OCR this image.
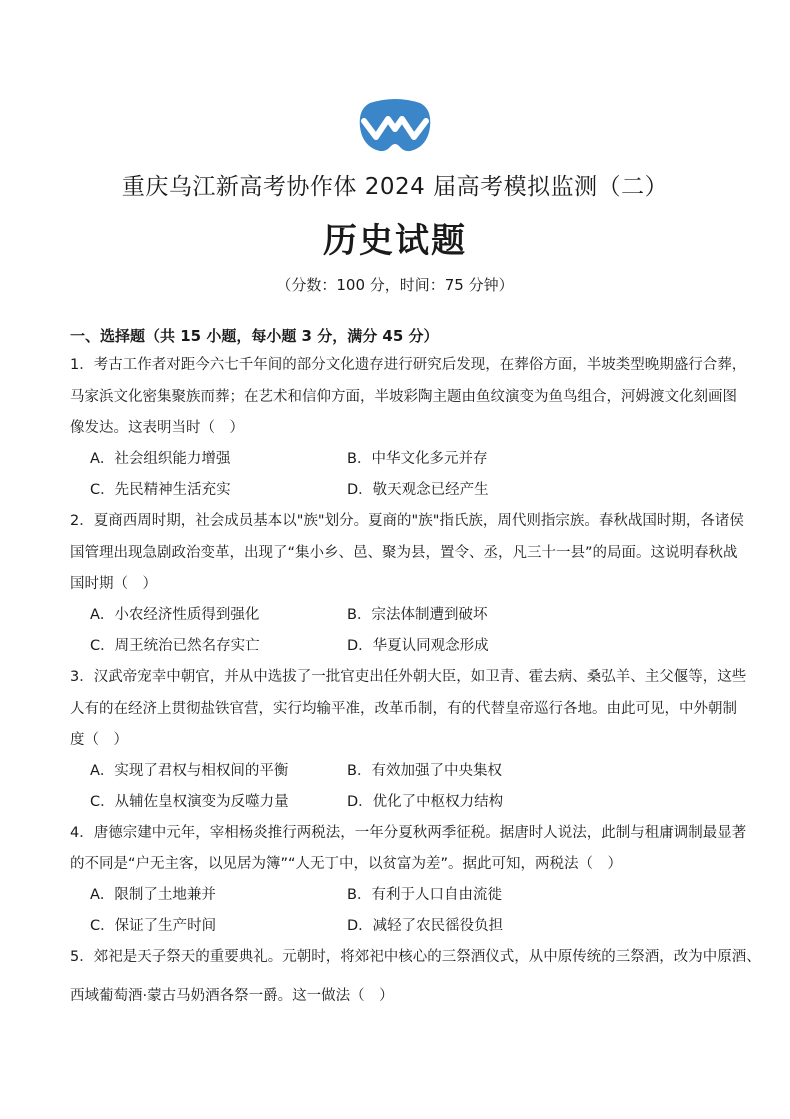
重庆乌江新高考协作体 2024 届高考模拟监测（二）
历史试题
（分数：100 分，时间：75 分钟）
一、选择题（共 15 小题，每小题 3 分，满分 45 分）
1．考古工作者对距今六七千年间的部分文化遗存进行研究后发现，在葬俗方面，半坡类型晚期盛行合葬，
马家浜文化密集聚族而葬；在艺术和信仰方面，半坡彩陶主题由鱼纹演变为鱼鸟组合，河姆渡文化刻画图
像发达。这表明当时（　）
A．社会组织能力增强	B．中华文化多元并存
C．先民精神生活充实	D．敬天观念已经产生
2．夏商西周时期，社会成员基本以"族"划分。夏商的"族"指氏族，周代则指宗族。春秋战国时期，各诸侯
国管理出现急剧政治变革，出现了“集小乡、邑、聚为县，置令、丞，凡三十一县”的局面。这说明春秋战
国时期（　）
A．小农经济性质得到强化	B．宗法体制遭到破坏
C．周王统治已然名存实亡	D．华夏认同观念形成
3．汉武帝宠幸中朝官，并从中选拔了一批官吏出任外朝大臣，如卫青、霍去病、桑弘羊、主父偃等，这些
人有的在经济上贯彻盐铁官营，实行均输平准，改革币制，有的代替皇帝巡行各地。由此可见，中外朝制
度（　）
A．实现了君权与相权间的平衡	B．有效加强了中央集权
C．从辅佐皇权演变为反噬力量	D．优化了中枢权力结构
4．唐德宗建中元年，宰相杨炎推行两税法，一年分夏秋两季征税。据唐时人说法，此制与租庸调制最显著
的不同是“户无主客，以见居为簿”“人无丁中，以贫富为差”。据此可知，两税法（　）
A．限制了土地兼并	B．有利于人口自由流徙
C．保证了生产时间	D．减轻了农民徭役负担
5．郊祀是天子祭天的重要典礼。元朝时，将郊祀中核心的三祭酒仪式，从中原传统的三祭酒，改为中原酒、
西域葡萄酒·蒙古马奶酒各祭一爵。这一做法（　）
